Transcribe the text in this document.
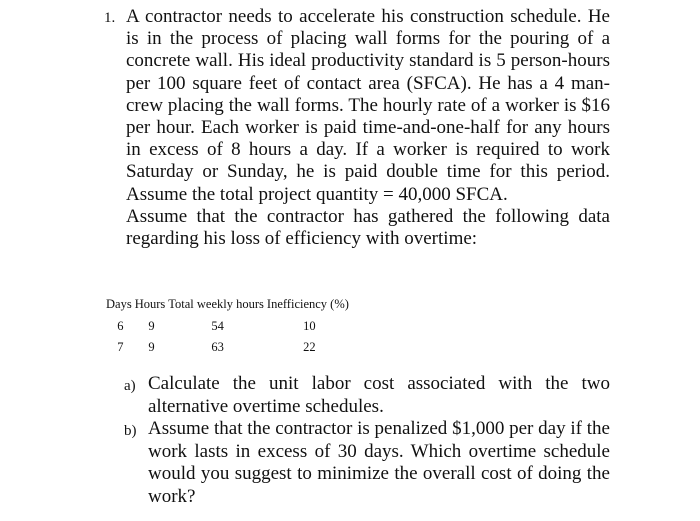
1. A contractor needs to accelerate his construction schedule. He is in the process of placing wall forms for the pouring of a concrete wall. His ideal productivity standard is 5 person-hours per 100 square feet of contact area (SFCA). He has a 4 man-crew placing the wall forms. The hourly rate of a worker is $16 per hour. Each worker is paid time-and-one-half for any hours in excess of 8 hours a day. If a worker is required to work Saturday or Sunday, he is paid double time for this period. Assume the total project quantity = 40,000 SFCA.

Assume that the contractor has gathered the following data regarding his loss of efficiency with overtime:

Days	Hours	Total weekly hours	Inefficiency (%)
6	9	54	10
7	9	63	22
a) Calculate the unit labor cost associated with the two alternative overtime schedules.
b) Assume that the contractor is penalized $1,000 per day if the work lasts in excess of 30 days. Which overtime schedule would you suggest to minimize the overall cost of doing the work?
